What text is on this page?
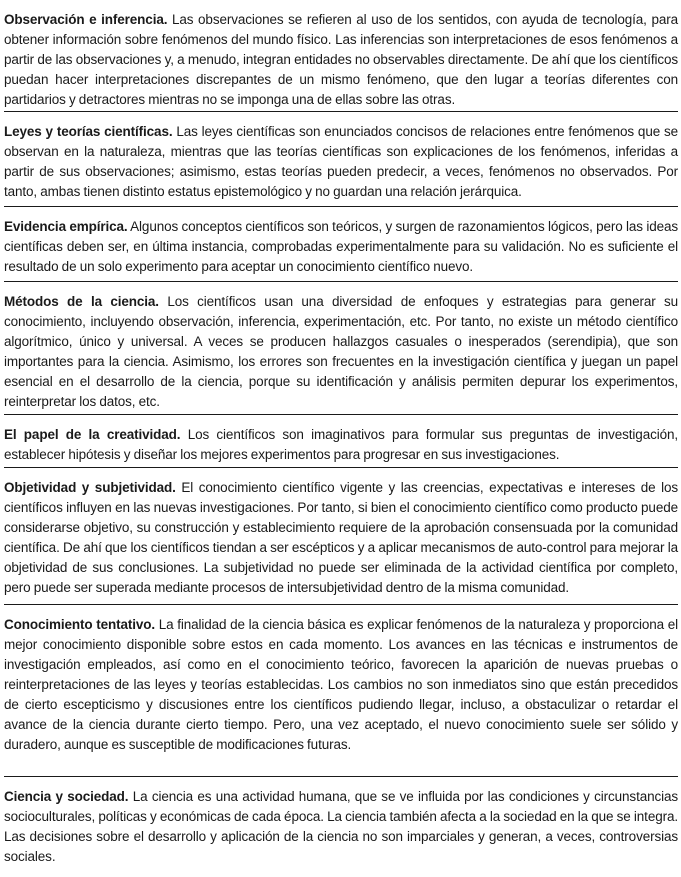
Observación e inferencia. Las observaciones se refieren al uso de los sentidos, con ayuda de tecnología, para obtener información sobre fenómenos del mundo físico. Las inferencias son interpretaciones de esos fenómenos a partir de las observaciones y, a menudo, integran entidades no observables directamente. De ahí que los científicos puedan hacer interpretaciones discrepantes de un mismo fenómeno, que den lugar a teorías diferentes con partidarios y detractores mientras no se imponga una de ellas sobre las otras.

Leyes y teorías científicas. Las leyes científicas son enunciados concisos de relaciones entre fenómenos que se observan en la naturaleza, mientras que las teorías científicas son explicaciones de los fenómenos, inferidas a partir de sus observaciones; asimismo, estas teorías pueden predecir, a veces, fenómenos no observados. Por tanto, ambas tienen distinto estatus epistemológico y no guardan una relación jerárquica.

Evidencia empírica. Algunos conceptos científicos son teóricos, y surgen de razonamientos lógicos, pero las ideas científicas deben ser, en última instancia, comprobadas experimentalmente para su validación. No es suficiente el resultado de un solo experimento para aceptar un conocimiento científico nuevo.

Métodos de la ciencia. Los científicos usan una diversidad de enfoques y estrategias para generar su conocimiento, incluyendo observación, inferencia, experimentación, etc. Por tanto, no existe un método científico algorítmico, único y universal. A veces se producen hallazgos casuales o inesperados (serendipia), que son importantes para la ciencia. Asimismo, los errores son frecuentes en la investigación científica y juegan un papel esencial en el desarrollo de la ciencia, porque su identificación y análisis permiten depurar los experimentos, reinterpretar los datos, etc.

El papel de la creatividad. Los científicos son imaginativos para formular sus preguntas de investigación, establecer hipótesis y diseñar los mejores experimentos para progresar en sus investigaciones.

Objetividad y subjetividad. El conocimiento científico vigente y las creencias, expectativas e intereses de los científicos influyen en las nuevas investigaciones. Por tanto, si bien el conocimiento científico como producto puede considerarse objetivo, su construcción y establecimiento requiere de la aprobación consensuada por la comunidad científica. De ahí que los científicos tiendan a ser escépticos y a aplicar mecanismos de auto-control para mejorar la objetividad de sus conclusiones. La subjetividad no puede ser eliminada de la actividad científica por completo, pero puede ser superada mediante procesos de intersubjetividad dentro de la misma comunidad.

Conocimiento tentativo. La finalidad de la ciencia básica es explicar fenómenos de la naturaleza y proporciona el mejor conocimiento disponible sobre estos en cada momento. Los avances en las técnicas e instrumentos de investigación empleados, así como en el conocimiento teórico, favorecen la aparición de nuevas pruebas o reinterpretaciones de las leyes y teorías establecidas. Los cambios no son inmediatos sino que están precedidos de cierto escepticismo y discusiones entre los científicos pudiendo llegar, incluso, a obstaculizar o retardar el avance de la ciencia durante cierto tiempo. Pero, una vez aceptado, el nuevo conocimiento suele ser sólido y duradero, aunque es susceptible de modificaciones futuras.

Ciencia y sociedad. La ciencia es una actividad humana, que se ve influida por las condiciones y circunstancias socioculturales, políticas y económicas de cada época. La ciencia también afecta a la sociedad en la que se integra. Las decisiones sobre el desarrollo y aplicación de la ciencia no son imparciales y generan, a veces, controversias sociales.
